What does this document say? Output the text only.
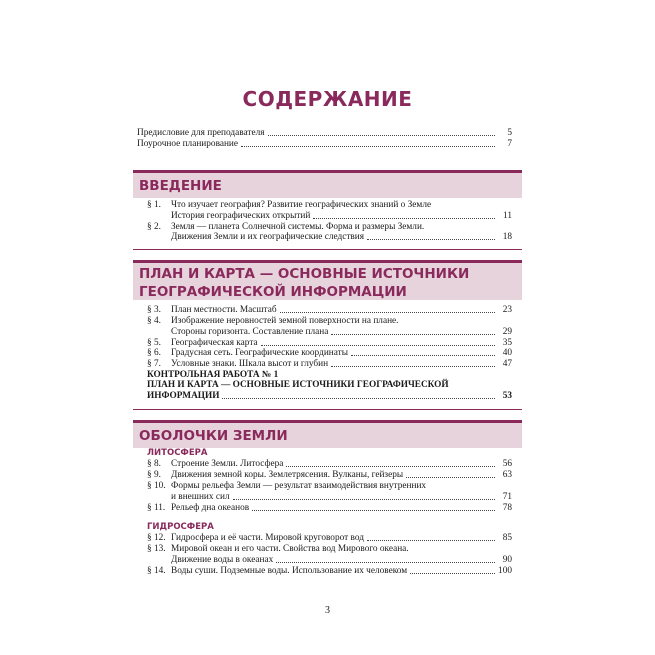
СОДЕРЖАНИЕ
Предисловие для преподавателя	5
Поурочное планирование	7
ВВЕДЕНИЕ
§ 1. Что изучает география? Развитие географических знаний о Земле
История географических открытий	11
§ 2. Земля — планета Солнечной системы. Форма и размеры Земли.
Движения Земли и их географические следствия	18
ПЛАН И КАРТА — ОСНОВНЫЕ ИСТОЧНИКИ
ГЕОГРАФИЧЕСКОЙ ИНФОРМАЦИИ
§ 3. План местности. Масштаб	23
§ 4. Изображение неровностей земной поверхности на плане.
Стороны горизонта. Составление плана	29
§ 5. Географическая карта	35
§ 6. Градусная сеть. Географические координаты	40
§ 7. Условные знаки. Шкала высот и глубин	47
КОНТРОЛЬНАЯ РАБОТА № 1
ПЛАН И КАРТА — ОСНОВНЫЕ ИСТОЧНИКИ ГЕОГРАФИЧЕСКОЙ
ИНФОРМАЦИИ	53
ОБОЛОЧКИ ЗЕМЛИ
ЛИТОСФЕРА
§ 8. Строение Земли. Литосфера	56
§ 9. Движения земной коры. Землетрясения. Вулканы, гейзеры	63
§ 10. Формы рельефа Земли — результат взаимодействия внутренних
и внешних сил	71
§ 11. Рельеф дна океанов	78
ГИДРОСФЕРА
§ 12. Гидросфера и её части. Мировой круговорот вод	85
§ 13. Мировой океан и его части. Свойства вод Мирового океана.
Движение воды в океанах	90
§ 14. Воды суши. Подземные воды. Использование их человеком	100
3
